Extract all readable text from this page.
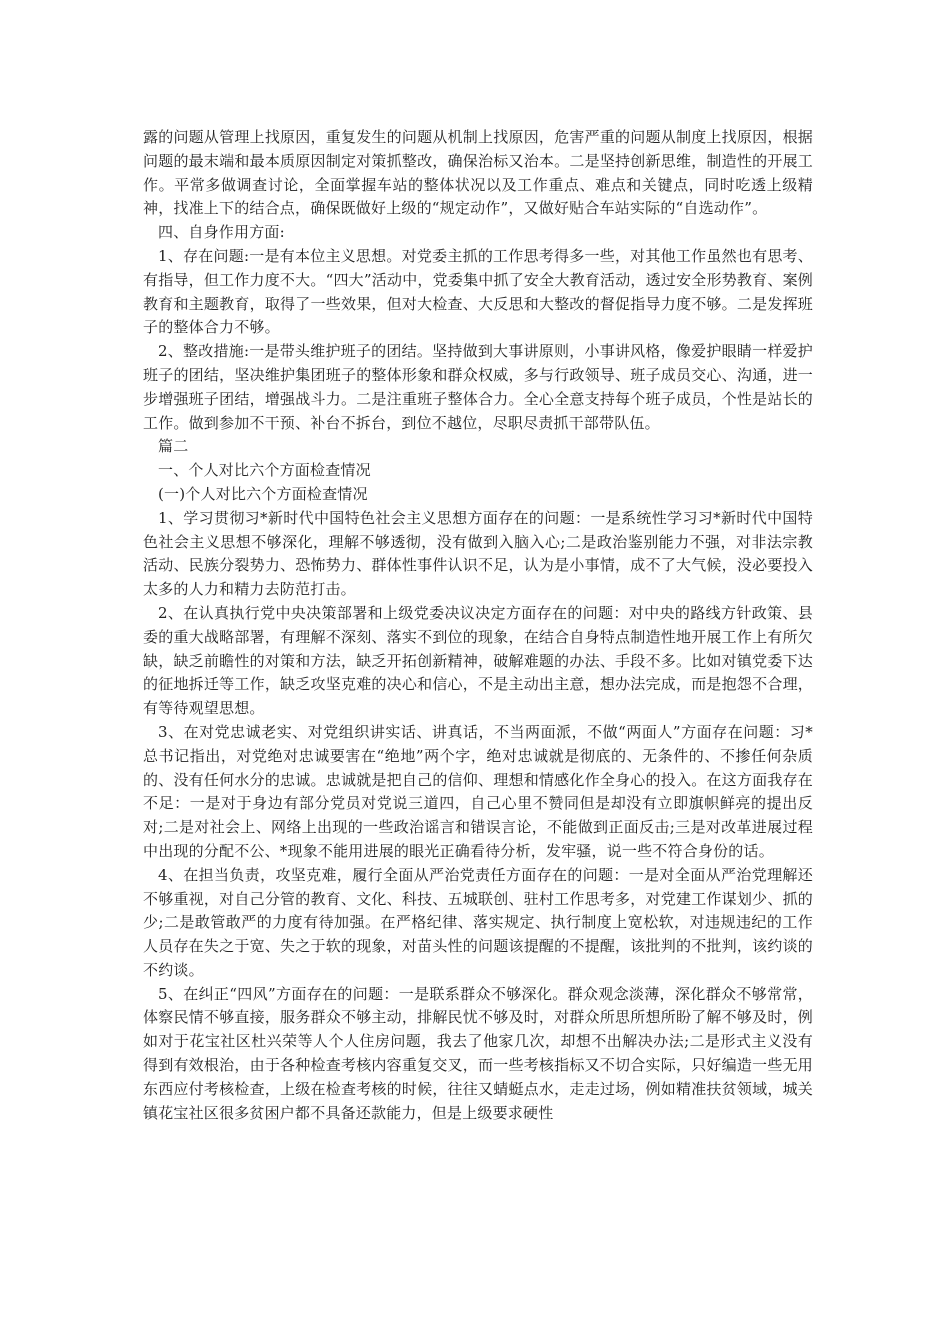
露的问题从管理上找原因，重复发生的问题从机制上找原因，危害严重的问题从制度上找原因，根据问题的最末端和最本质原因制定对策抓整改，确保治标又治本。二是坚持创新思维，制造性的开展工作。平常多做调查讨论，全面掌握车站的整体状况以及工作重点、难点和关键点，同时吃透上级精神，找准上下的结合点，确保既做好上级的“规定动作”，又做好贴合车站实际的“自选动作”。

四、自身作用方面:

1、存在问题:一是有本位主义思想。对党委主抓的工作思考得多一些，对其他工作虽然也有思考、有指导，但工作力度不大。“四大”活动中，党委集中抓了安全大教育活动，透过安全形势教育、案例教育和主题教育，取得了一些效果，但对大检查、大反思和大整改的督促指导力度不够。二是发挥班子的整体合力不够。

2、整改措施:一是带头维护班子的团结。坚持做到大事讲原则，小事讲风格，像爱护眼睛一样爱护班子的团结，坚决维护集团班子的整体形象和群众权威，多与行政领导、班子成员交心、沟通，进一步增强班子团结，增强战斗力。二是注重班子整体合力。全心全意支持每个班子成员，个性是站长的工作。做到参加不干预、补台不拆台，到位不越位，尽职尽责抓干部带队伍。

篇二

一、个人对比六个方面检查情况

(一)个人对比六个方面检查情况

1、学习贯彻习*新时代中国特色社会主义思想方面存在的问题：一是系统性学习习*新时代中国特色社会主义思想不够深化，理解不够透彻，没有做到入脑入心;二是政治鉴别能力不强，对非法宗教活动、民族分裂势力、恐怖势力、群体性事件认识不足，认为是小事情，成不了大气候，没必要投入太多的人力和精力去防范打击。

2、在认真执行党中央决策部署和上级党委决议决定方面存在的问题：对中央的路线方针政策、县委的重大战略部署，有理解不深刻、落实不到位的现象，在结合自身特点制造性地开展工作上有所欠缺，缺乏前瞻性的对策和方法，缺乏开拓创新精神，破解难题的办法、手段不多。比如对镇党委下达的征地拆迁等工作，缺乏攻坚克难的决心和信心，不是主动出主意，想办法完成，而是抱怨不合理，有等待观望思想。

3、在对党忠诚老实、对党组织讲实话、讲真话，不当两面派，不做“两面人”方面存在问题：习*总书记指出，对党绝对忠诚要害在“绝地”两个字，绝对忠诚就是彻底的、无条件的、不掺任何杂质的、没有任何水分的忠诚。忠诚就是把自己的信仰、理想和情感化作全身心的投入。在这方面我存在不足：一是对于身边有部分党员对党说三道四，自己心里不赞同但是却没有立即旗帜鲜亮的提出反对;二是对社会上、网络上出现的一些政治谣言和错误言论，不能做到正面反击;三是对改革进展过程中出现的分配不公、*现象不能用进展的眼光正确看待分析，发牢骚，说一些不符合身份的话。

4、在担当负责，攻坚克难，履行全面从严治党责任方面存在的问题：一是对全面从严治党理解还不够重视，对自己分管的教育、文化、科技、五城联创、驻村工作思考多，对党建工作谋划少、抓的少;二是敢管敢严的力度有待加强。在严格纪律、落实规定、执行制度上宽松软，对违规违纪的工作人员存在失之于宽、失之于软的现象，对苗头性的问题该提醒的不提醒，该批判的不批判，该约谈的不约谈。

5、在纠正“四风”方面存在的问题：一是联系群众不够深化。群众观念淡薄，深化群众不够常常，体察民情不够直接，服务群众不够主动，排解民忧不够及时，对群众所思所想所盼了解不够及时，例如对于花宝社区杜兴荣等人个人住房问题，我去了他家几次，却想不出解决办法;二是形式主义没有得到有效根治，由于各种检查考核内容重复交叉，而一些考核指标又不切合实际，只好编造一些无用东西应付考核检查，上级在检查考核的时候，往往又蜻蜓点水，走走过场，例如精准扶贫领域，城关镇花宝社区很多贫困户都不具备还款能力，但是上级要求硬性
